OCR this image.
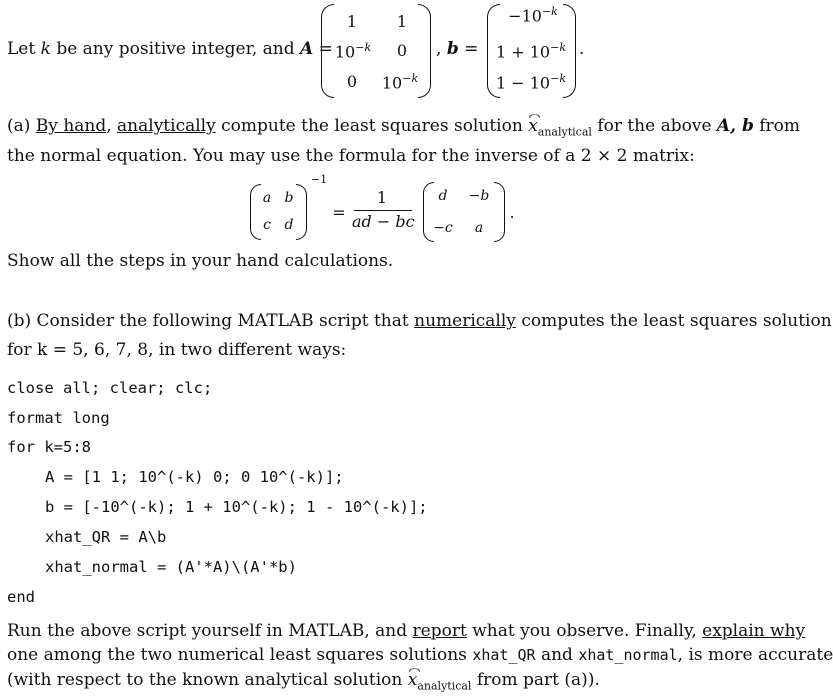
Let k be any positive integer, and A =
1	1
$10^{-k}$	0
0	$10^{-k}$
, b =
$-10^{-k}$
$1 + 10^{-k}$
$1 - 10^{-k}$
.
(a) By hand, analytically compute the least squares solution $x_{analytical}$ for the above A, b from
the normal equation. You may use the formula for the inverse of a 2 × 2 matrix:
a b
c d
−1
=
1
ad − bc
d	−b
−c	a
.
Show all the steps in your hand calculations.
(b) Consider the following MATLAB script that numerically computes the least squares solution
for k = 5, 6, 7, 8, in two different ways:
close all; clear; clc;
format long
for k=5:8
A = [1 1; 10^(-k) 0; 0 10^(-k)];
b = [-10^(-k); 1 + 10^(-k); 1 - 10^(-k)];
xhat_QR = A\b
xhat_normal = (A'*A)\(A'*b)
end
Run the above script yourself in MATLAB, and report what you observe. Finally, explain why
one among the two numerical least squares solutions xhat_QR and xhat_normal, is more accurate
(with respect to the known analytical solution $x_{analytical}$ from part (a)).
